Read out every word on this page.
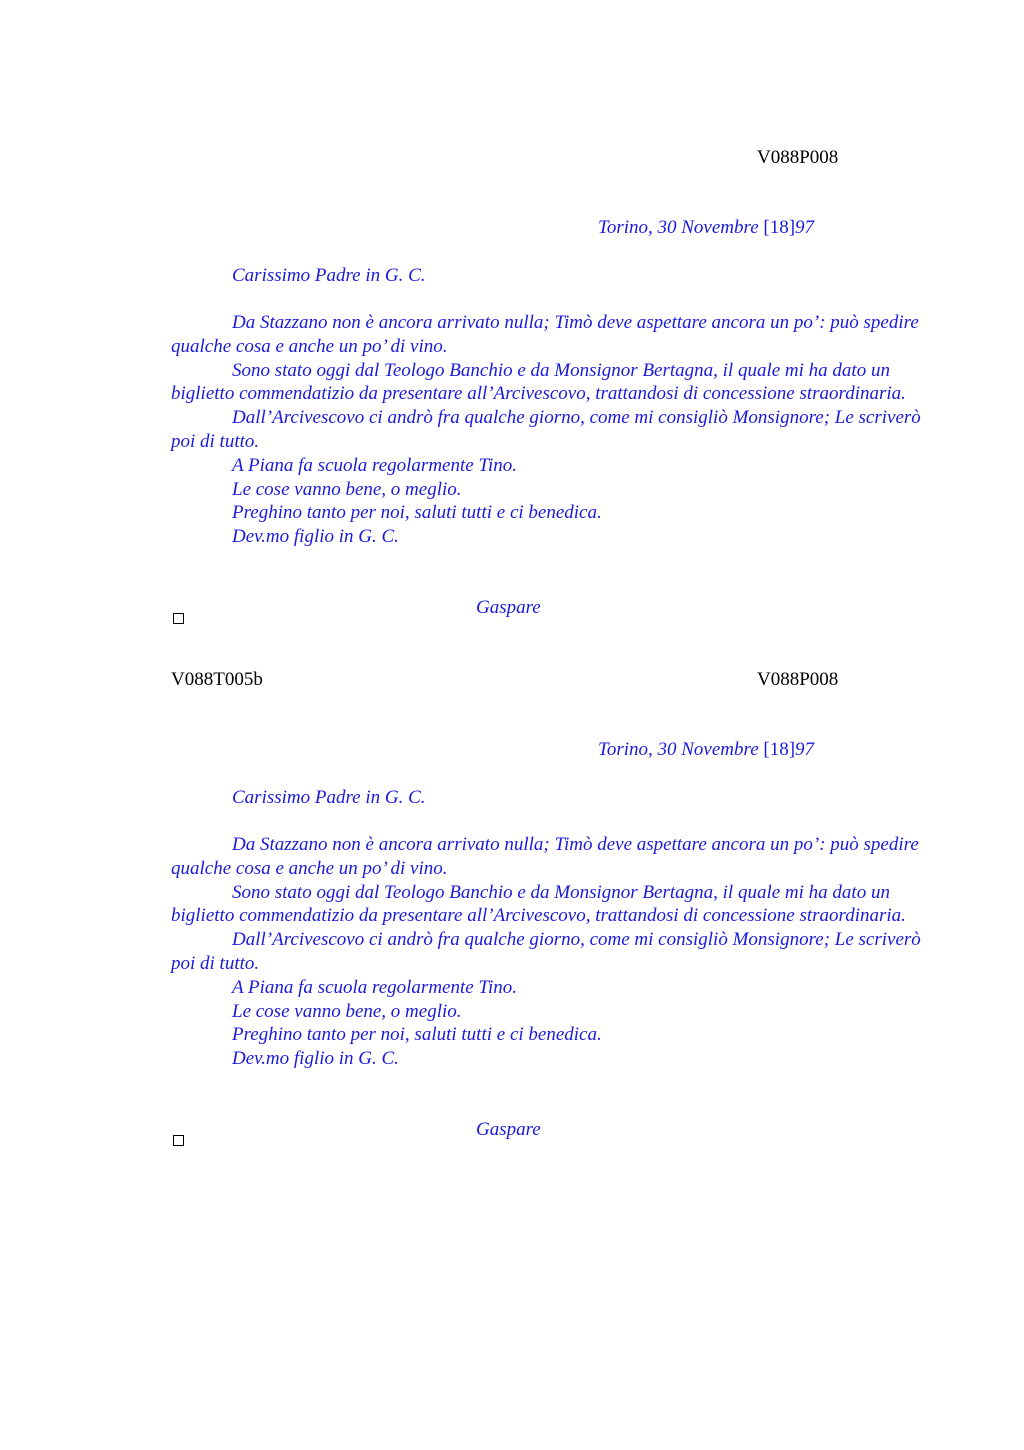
V088P008
Torino, 30 Novembre [18]97
Carissimo Padre in G. C.

Da Stazzano non è ancora arrivato nulla; Timò deve aspettare ancora un po’: può spedire qualche cosa e anche un po’ di vino.

Sono stato oggi dal Teologo Banchio e da Monsignor Bertagna, il quale mi ha dato un biglietto commendatizio da presentare all’Arcivescovo, trattandosi di concessione straordinaria.

Dall’Arcivescovo ci andrò fra qualche giorno, come mi consigliò Monsignore; Le scriverò poi di tutto.

A Piana fa scuola regolarmente Tino.

Le cose vanno bene, o meglio.

Preghino tanto per noi, saluti tutti e ci benedica.

Dev.mo figlio in G. C.

Gaspare
V088T005b	V088P008
Torino, 30 Novembre [18]97
Carissimo Padre in G. C.

Da Stazzano non è ancora arrivato nulla; Timò deve aspettare ancora un po’: può spedire qualche cosa e anche un po’ di vino.

Sono stato oggi dal Teologo Banchio e da Monsignor Bertagna, il quale mi ha dato un biglietto commendatizio da presentare all’Arcivescovo, trattandosi di concessione straordinaria.

Dall’Arcivescovo ci andrò fra qualche giorno, come mi consigliò Monsignore; Le scriverò poi di tutto.

A Piana fa scuola regolarmente Tino.

Le cose vanno bene, o meglio.

Preghino tanto per noi, saluti tutti e ci benedica.

Dev.mo figlio in G. C.

Gaspare
